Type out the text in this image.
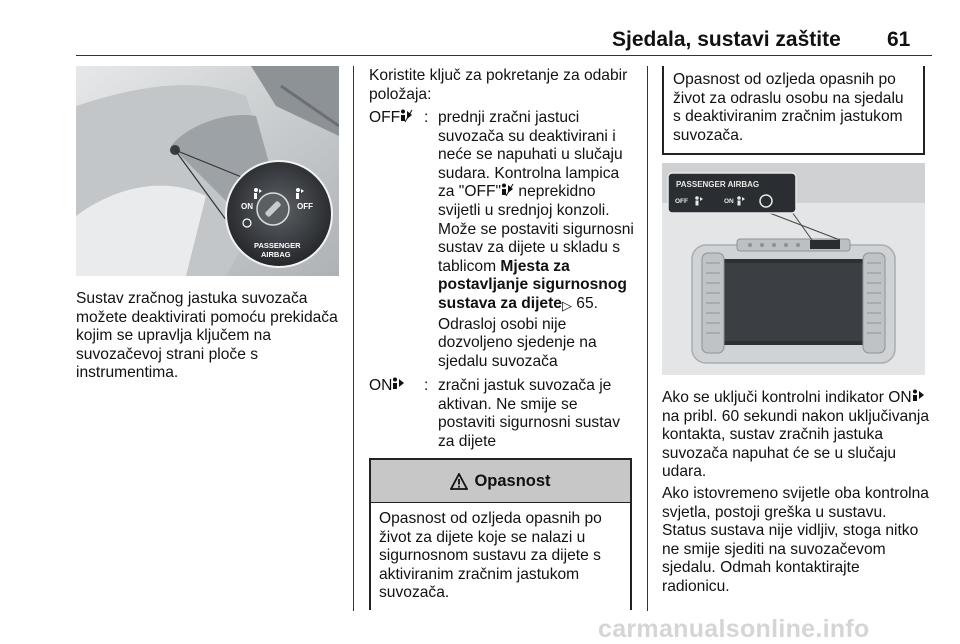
Sjedala, sustavi zaštite 61
ON	OFF
PASSENGER
AIRBAG
Sustav zračnog jastuka suvozača možete deaktivirati pomoću prekidača kojim se upravlja ključem na suvozačevoj strani ploče s instrumentima.
Koristite ključ za pokretanje za odabir položaja:
OFF	: prednji zračni jastuci suvozača su deaktivirani i neće se napuhati u slučaju sudara. Kontrolna lampica za "OFF" neprekidno svijetli u srednjoj konzoli. Može se postaviti sigurnosni sustav za dijete u skladu s tablicom Mjesta za postavljanje sigurnosnog sustava za dijete▷ 65. Odrasloj osobi nije dozvoljeno sjedenje na sjedalu suvozača
ON	: zračni jastuk suvozača je aktivan. Ne smije se postaviti sigurnosni sustav za dijete
Opasnost
Opasnost od ozljeda opasnih po život za dijete koje se nalazi u sigurnosnom sustavu za dijete s aktiviranim zračnim jastukom suvozača.
Opasnost od ozljeda opasnih po život za odraslu osobu na sjedalu s deaktiviranim zračnim jastukom suvozača.
PASSENGER AIRBAG
OFF	ON
Ako se uključi kontrolni indikator ON na pribl. 60 sekundi nakon uključivanja kontakta, sustav zračnih jastuka suvozača napuhat će se u slučaju udara.
Ako istovremeno svijetle oba kontrolna svjetla, postoji greška u sustavu. Status sustava nije vidljiv, stoga nitko ne smije sjediti na suvozačevom sjedalu. Odmah kontaktirajte radionicu.
carmanualsonline.info
